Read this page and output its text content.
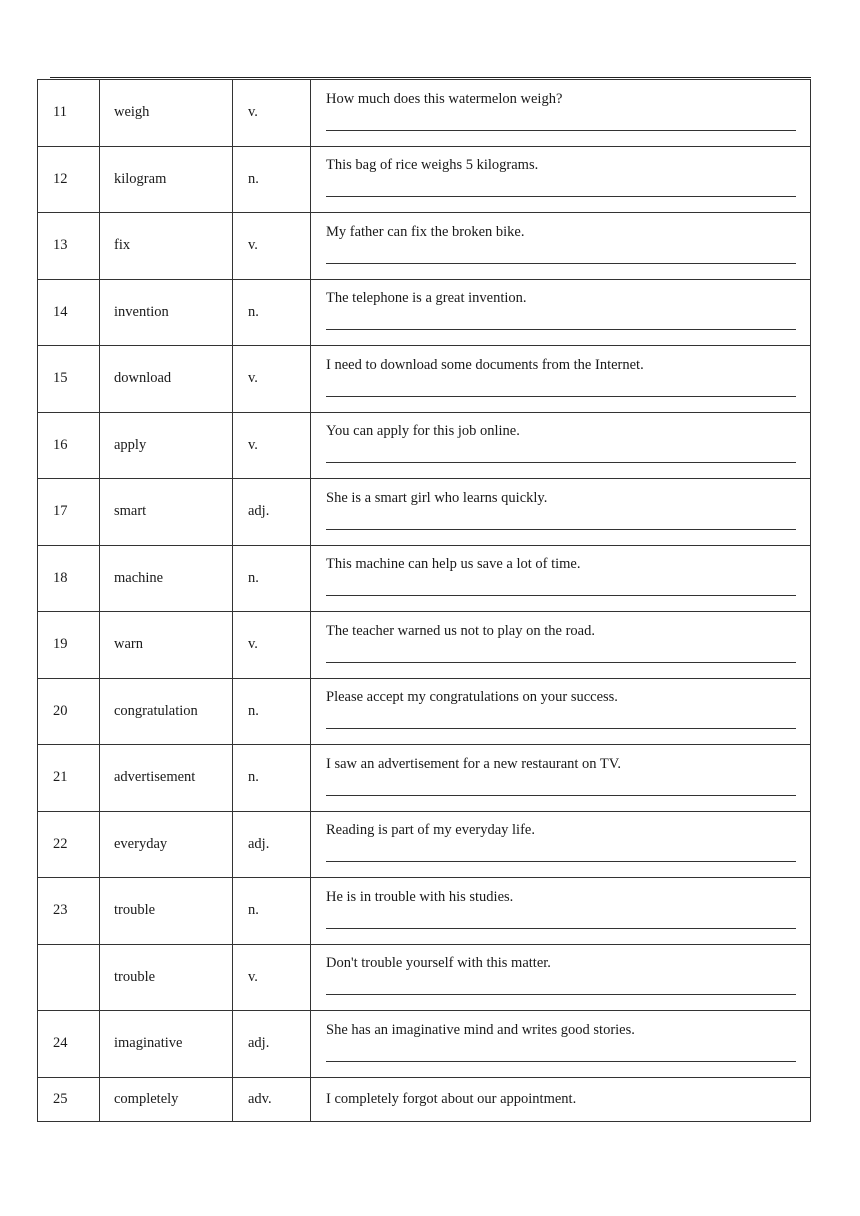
11	weigh	v.	How much does this watermelon weigh?

12	kilogram	n.	This bag of rice weighs 5 kilograms.

13	fix	v.	My father can fix the broken bike.

14	invention	n.	The telephone is a great invention.

15	download	v.	I need to download some documents from the Internet.

16	apply	v.	You can apply for this job online.

17	smart	adj.	She is a smart girl who learns quickly.

18	machine	n.	This machine can help us save a lot of time.

19	warn	v.	The teacher warned us not to play on the road.

20	congratulation	n.	Please accept my congratulations on your success.

21	advertisement	n.	I saw an advertisement for a new restaurant on TV.

22	everyday	adj.	Reading is part of my everyday life.

23	trouble	n.	He is in trouble with his studies.

	trouble	v.	Don't trouble yourself with this matter.

24	imaginative	adj.	She has an imaginative mind and writes good stories.

25	completely	adv.	I completely forgot about our appointment.
